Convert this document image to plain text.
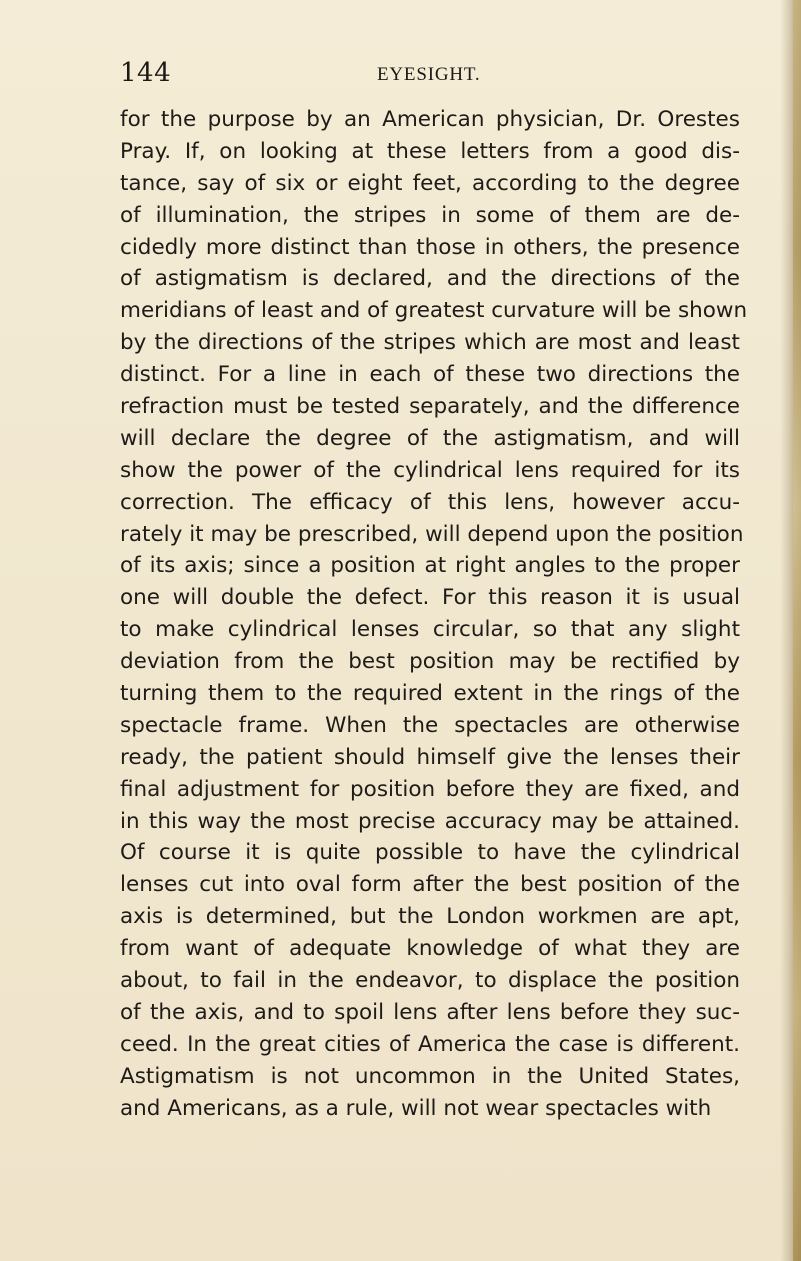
144	EYESIGHT.
for the purpose by an American physician, Dr. Orestes
Pray. If, on looking at these letters from a good dis-
tance, say of six or eight feet, according to the degree
of illumination, the stripes in some of them are de-
cidedly more distinct than those in others, the presence
of astigmatism is declared, and the directions of the
meridians of least and of greatest curvature will be shown
by the directions of the stripes which are most and least
distinct. For a line in each of these two directions the
refraction must be tested separately, and the difference
will declare the degree of the astigmatism, and will
show the power of the cylindrical lens required for its
correction. The efficacy of this lens, however accu-
rately it may be prescribed, will depend upon the position
of its axis; since a position at right angles to the proper
one will double the defect. For this reason it is usual
to make cylindrical lenses circular, so that any slight
deviation from the best position may be rectified by
turning them to the required extent in the rings of the
spectacle frame. When the spectacles are otherwise
ready, the patient should himself give the lenses their
final adjustment for position before they are fixed, and
in this way the most precise accuracy may be attained.
Of course it is quite possible to have the cylindrical
lenses cut into oval form after the best position of the
axis is determined, but the London workmen are apt,
from want of adequate knowledge of what they are
about, to fail in the endeavor, to displace the position
of the axis, and to spoil lens after lens before they suc-
ceed. In the great cities of America the case is different.
Astigmatism is not uncommon in the United States,
and Americans, as a rule, will not wear spectacles with
